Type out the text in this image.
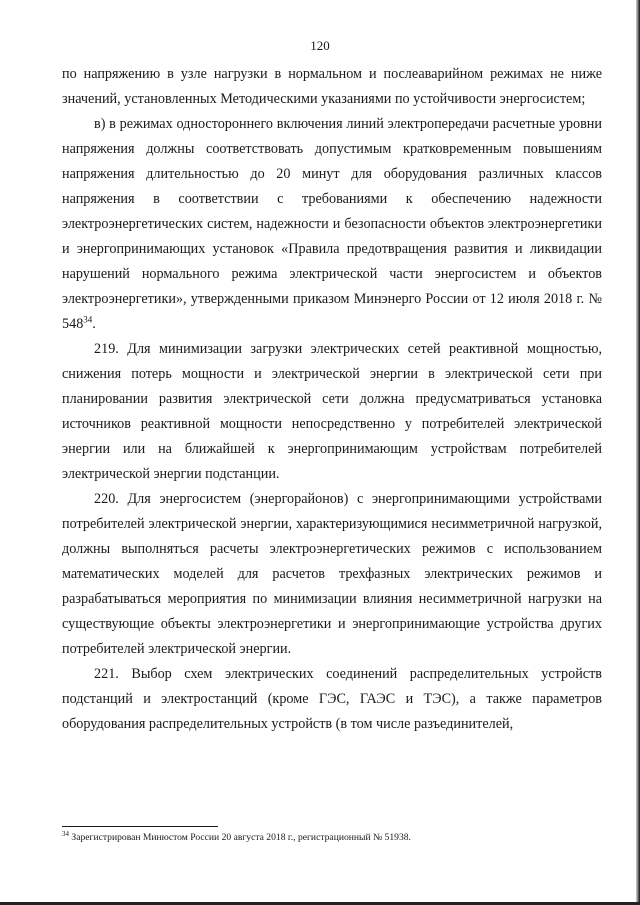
120

по напряжению в узле нагрузки в нормальном и послеаварийном режимах не ниже значений, установленных Методическими указаниями по устойчивости энергосистем;

в) в режимах одностороннего включения линий электропередачи расчетные уровни напряжения должны соответствовать допустимым кратковременным повышениям напряжения длительностью до 20 минут для оборудования различных классов напряжения в соответствии с требованиями к обеспечению надежности электроэнергетических систем, надежности и безопасности объектов электроэнергетики и энергопринимающих установок «Правила предотвращения развития и ликвидации нарушений нормального режима электрической части энергосистем и объектов электроэнергетики», утвержденными приказом Минэнерго России от 12 июля 2018 г. № 548$^{34}$.

219. Для минимизации загрузки электрических сетей реактивной мощностью, снижения потерь мощности и электрической энергии в электрической сети при планировании развития электрической сети должна предусматриваться установка источников реактивной мощности непосредственно у потребителей электрической энергии или на ближайшей к энергопринимающим устройствам потребителей электрической энергии подстанции.

220. Для энергосистем (энергорайонов) с энергопринимающими устройствами потребителей электрической энергии, характеризующимися несимметричной нагрузкой, должны выполняться расчеты электроэнергетических режимов с использованием математических моделей для расчетов трехфазных электрических режимов и разрабатываться мероприятия по минимизации влияния несимметричной нагрузки на существующие объекты электроэнергетики и энергопринимающие устройства других потребителей электрической энергии.

221. Выбор схем электрических соединений распределительных устройств подстанций и электростанций (кроме ГЭС, ГАЭС и ТЭС), а также параметров оборудования распределительных устройств (в том числе разъединителей,

$^{34}$ Зарегистрирован Минюстом России 20 августа 2018 г., регистрационный № 51938.
